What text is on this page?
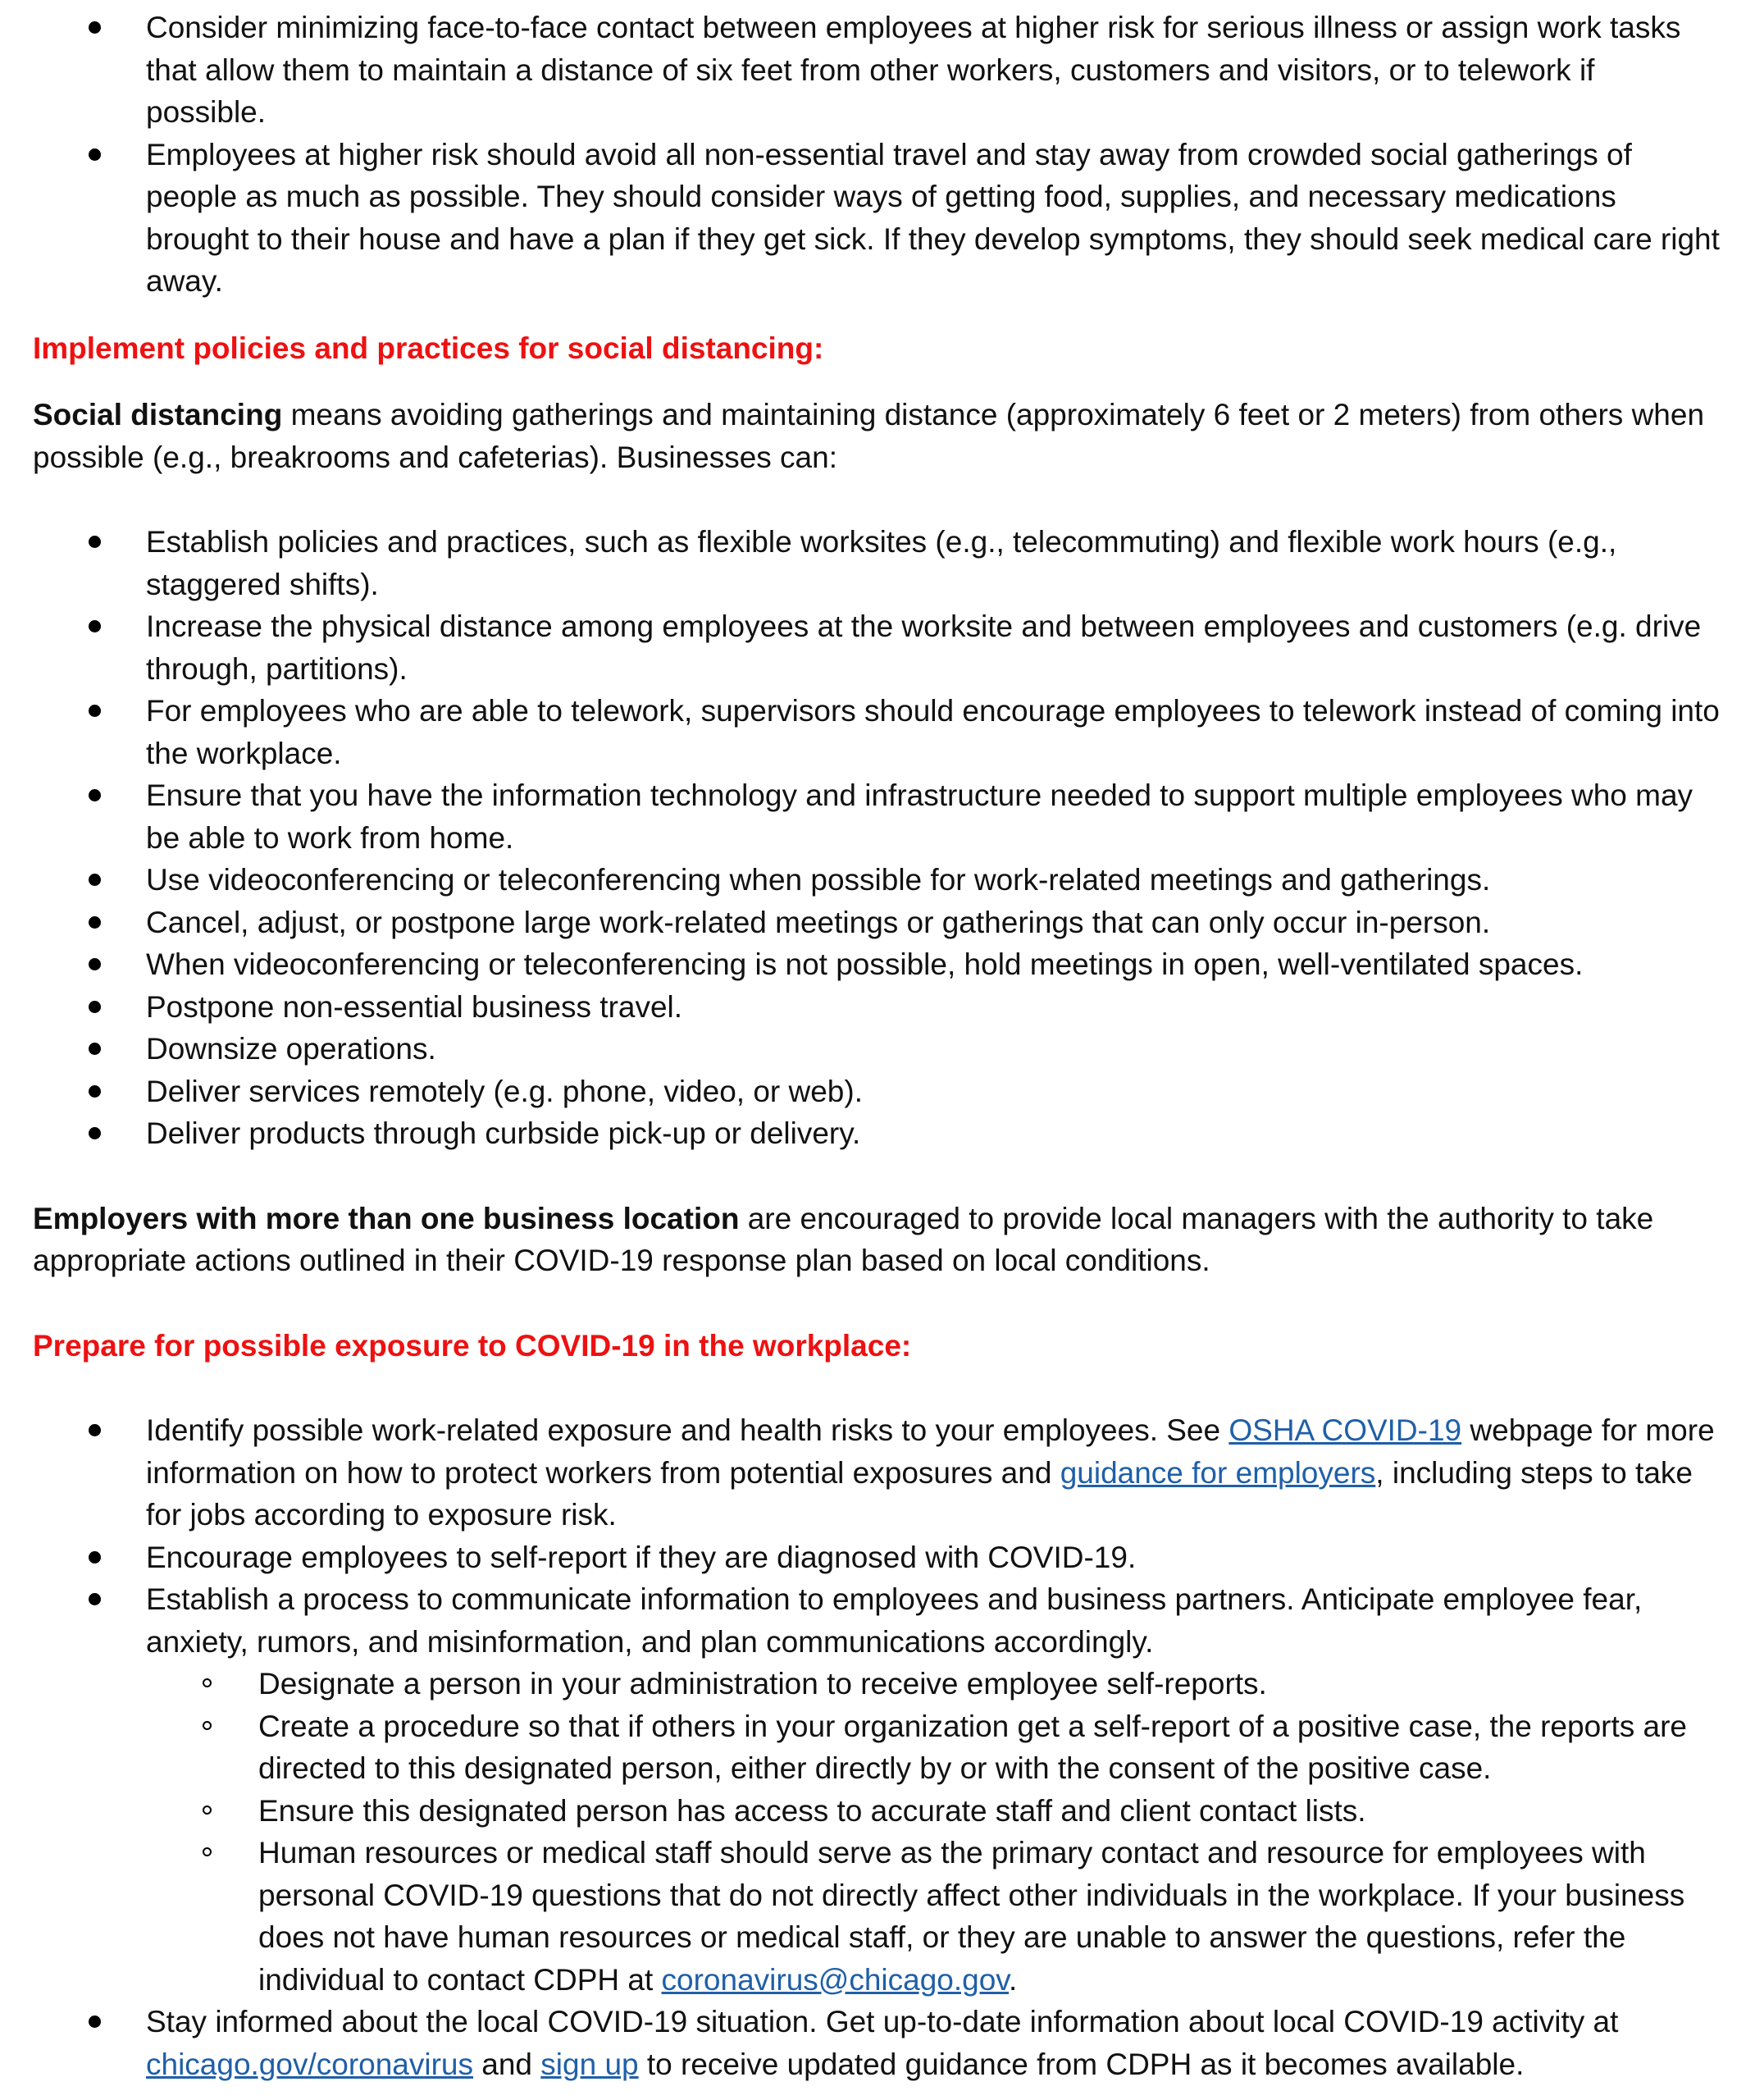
Consider minimizing face-to-face contact between employees at higher risk for serious illness or assign work tasks that allow them to maintain a distance of six feet from other workers, customers and visitors, or to telework if possible.
Employees at higher risk should avoid all non-essential travel and stay away from crowded social gatherings of people as much as possible. They should consider ways of getting food, supplies, and necessary medications brought to their house and have a plan if they get sick. If they develop symptoms, they should seek medical care right away.

Implement policies and practices for social distancing:

Social distancing means avoiding gatherings and maintaining distance (approximately 6 feet or 2 meters) from others when possible (e.g., breakrooms and cafeterias). Businesses can:

Establish policies and practices, such as flexible worksites (e.g., telecommuting) and flexible work hours (e.g., staggered shifts).
Increase the physical distance among employees at the worksite and between employees and customers (e.g. drive through, partitions).
For employees who are able to telework, supervisors should encourage employees to telework instead of coming into the workplace.
Ensure that you have the information technology and infrastructure needed to support multiple employees who may be able to work from home.
Use videoconferencing or teleconferencing when possible for work-related meetings and gatherings.
Cancel, adjust, or postpone large work-related meetings or gatherings that can only occur in-person.
When videoconferencing or teleconferencing is not possible, hold meetings in open, well-ventilated spaces.
Postpone non-essential business travel.
Downsize operations.
Deliver services remotely (e.g. phone, video, or web).
Deliver products through curbside pick-up or delivery.

Employers with more than one business location are encouraged to provide local managers with the authority to take appropriate actions outlined in their COVID-19 response plan based on local conditions.

Prepare for possible exposure to COVID-19 in the workplace:

Identify possible work-related exposure and health risks to your employees. See OSHA COVID-19 webpage for more information on how to protect workers from potential exposures and guidance for employers, including steps to take for jobs according to exposure risk.
Encourage employees to self-report if they are diagnosed with COVID-19.
Establish a process to communicate information to employees and business partners. Anticipate employee fear, anxiety, rumors, and misinformation, and plan communications accordingly.
Designate a person in your administration to receive employee self-reports.
Create a procedure so that if others in your organization get a self-report of a positive case, the reports are directed to this designated person, either directly by or with the consent of the positive case.
Ensure this designated person has access to accurate staff and client contact lists.
Human resources or medical staff should serve as the primary contact and resource for employees with personal COVID-19 questions that do not directly affect other individuals in the workplace. If your business does not have human resources or medical staff, or they are unable to answer the questions, refer the individual to contact CDPH at coronavirus@chicago.gov.
Stay informed about the local COVID-19 situation. Get up-to-date information about local COVID-19 activity at chicago.gov/coronavirus and sign up to receive updated guidance from CDPH as it becomes available.
